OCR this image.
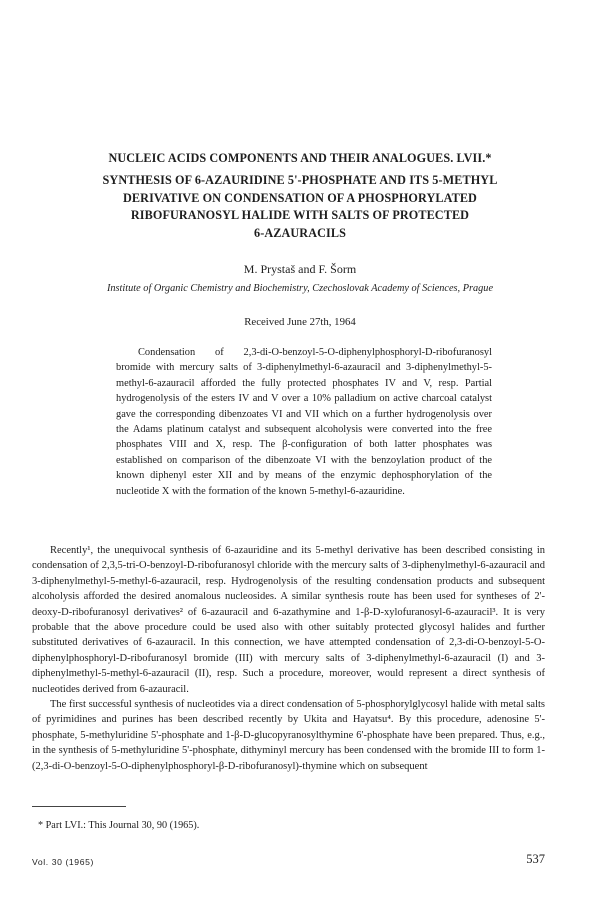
NUCLEIC ACIDS COMPONENTS AND THEIR ANALOGUES. LVII.*
SYNTHESIS OF 6-AZAURIDINE 5'-PHOSPHATE AND ITS 5-METHYL
DERIVATIVE ON CONDENSATION OF A PHOSPHORYLATED
RIBOFURANOSYL HALIDE WITH SALTS OF PROTECTED
6-AZAURACILS
M. Prystaš and F. Šorm
Institute of Organic Chemistry and Biochemistry, Czechoslovak Academy of Sciences, Prague
Received June 27th, 1964

Condensation of 2,3-di-O-benzoyl-5-O-diphenylphosphoryl-D-ribofuranosyl bromide with mercury salts of 3-diphenylmethyl-6-azauracil and 3-diphenylmethyl-5-methyl-6-azauracil afforded the fully protected phosphates IV and V, resp. Partial hydrogenolysis of the esters IV and V over a 10% palladium on active charcoal catalyst gave the corresponding dibenzoates VI and VII which on a further hydrogenolysis over the Adams platinum catalyst and subsequent alcoholysis were converted into the free phosphates VIII and X, resp. The β-configuration of both latter phosphates was established on comparison of the dibenzoate VI with the benzoylation product of the known diphenyl ester XII and by means of the enzymic dephosphorylation of the nucleotide X with the formation of the known 5-methyl-6-azauridine.

Recently¹, the unequivocal synthesis of 6-azauridine and its 5-methyl derivative has been described consisting in condensation of 2,3,5-tri-O-benzoyl-D-ribofuranosyl chloride with the mercury salts of 3-diphenylmethyl-6-azauracil and 3-diphenylmethyl-5-methyl-6-azauracil, resp. Hydrogenolysis of the resulting condensation products and subsequent alcoholysis afforded the desired anomalous nucleosides. A similar synthesis route has been used for syntheses of 2'-deoxy-D-ribofuranosyl derivatives² of 6-azauracil and 6-azathymine and 1-β-D-xylofuranosyl-6-azauracil³. It is very probable that the above procedure could be used also with other suitably protected glycosyl halides and further substituted derivatives of 6-azauracil. In this connection, we have attempted condensation of 2,3-di-O-benzoyl-5-O-diphenylphosphoryl-D-ribofuranosyl bromide (III) with mercury salts of 3-diphenylmethyl-6-azauracil (I) and 3-diphenylmethyl-5-methyl-6-azauracil (II), resp. Such a procedure, moreover, would represent a direct synthesis of nucleotides derived from 6-azauracil.

The first successful synthesis of nucleotides via a direct condensation of 5-phosphorylglycosyl halide with metal salts of pyrimidines and purines has been described recently by Ukita and Hayatsu⁴. By this procedure, adenosine 5'-phosphate, 5-methyluridine 5'-phosphate and 1-β-D-glucopyranosylthymine 6'-phosphate have been prepared. Thus, e.g., in the synthesis of 5-methyluridine 5'-phosphate, dithyminyl mercury has been condensed with the bromide III to form 1-(2,3-di-O-benzoyl-5-O-diphenylphosphoryl-β-D-ribofuranosyl)-thymine which on subsequent

* Part LVI.: This Journal 30, 90 (1965).
Vol. 30 (1965)	537
